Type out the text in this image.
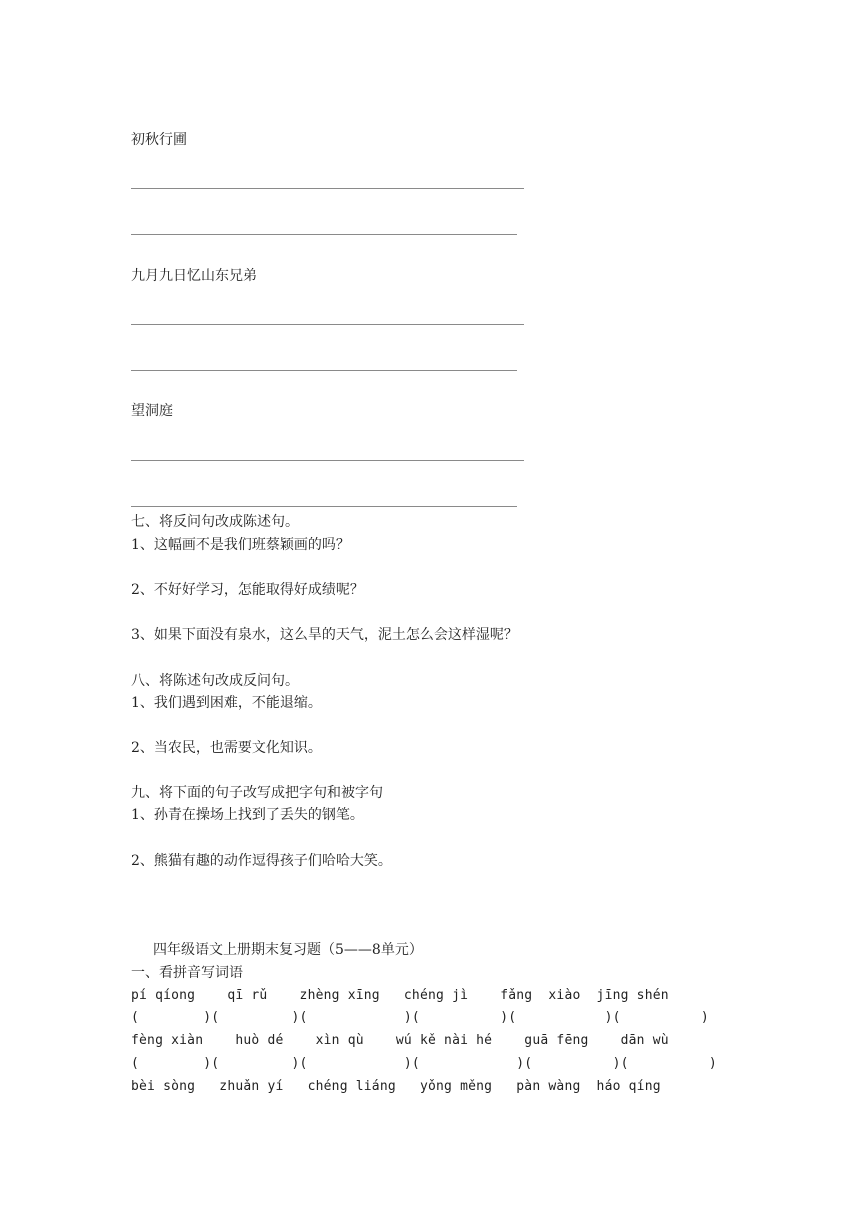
初秋行圃
九月九日忆山东兄弟
望洞庭
七、将反问句改成陈述句。
1、这幅画不是我们班蔡颖画的吗？
2、不好好学习，怎能取得好成绩呢？
3、如果下面没有泉水，这么旱的天气，泥土怎么会这样湿呢？
八、将陈述句改成反问句。
1、我们遇到困难，不能退缩。
2、当农民，也需要文化知识。
九、将下面的句子改写成把字句和被字句
1、孙青在操场上找到了丢失的钢笔。
2、熊猫有趣的动作逗得孩子们哈哈大笑。
四年级语文上册期末复习题（5——8单元）
一、看拼音写词语
pí qíong    qī rǔ    zhèng xīng   chéng jì    fǎng  xiào  jīng shén
(        )(         )(            )(          )(           )(          )
fèng xiàn    huò dé    xìn qù    wú kě nài hé    guā fēng    dān wù
(        )(         )(            )(            )(          )(          )
bèi sòng   zhuǎn yí   chéng liáng   yǒng měng   pàn wàng  háo qíng
